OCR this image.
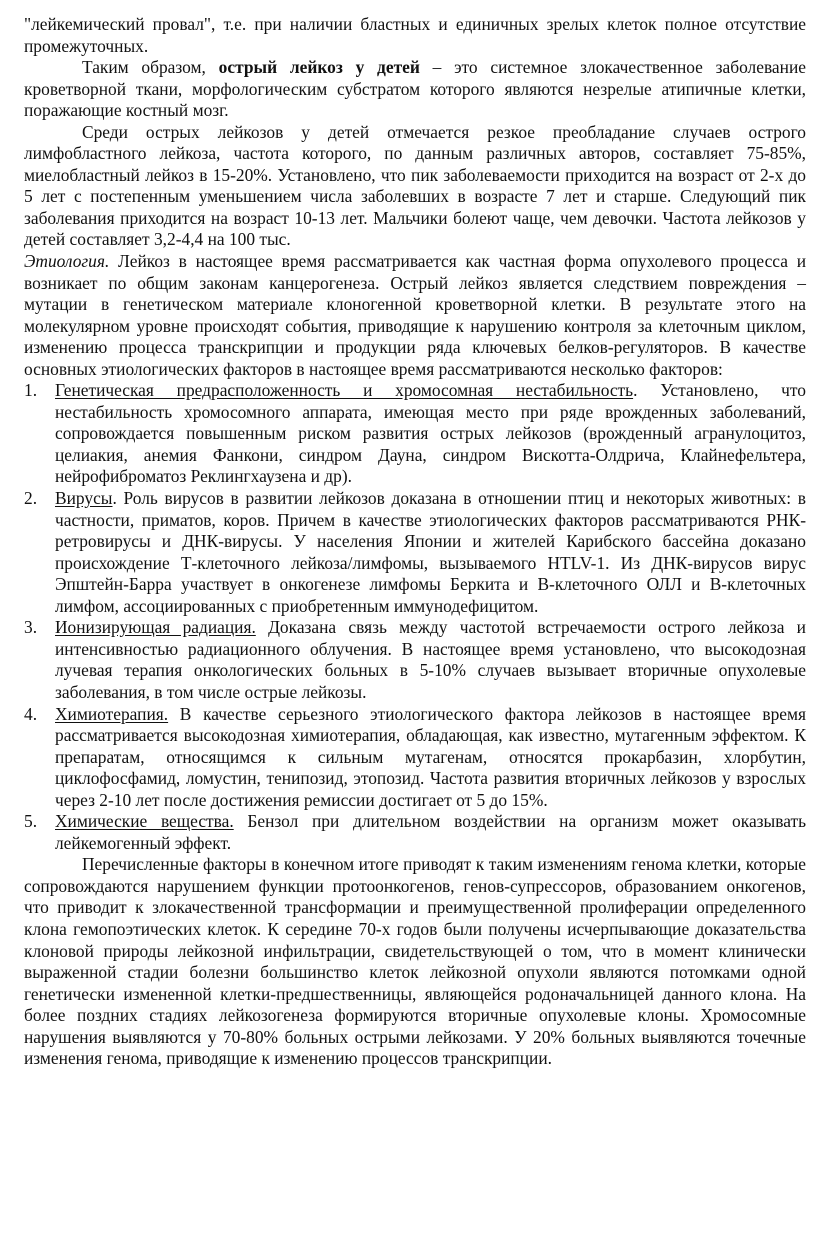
"лейкемический провал", т.е. при наличии бластных и единичных зрелых клеток полное отсутствие промежуточных.

Таким образом, острый лейкоз у детей – это системное злокачественное заболевание кроветворной ткани, морфологическим субстратом которого являются незрелые атипичные клетки, поражающие костный мозг.

Среди острых лейкозов у детей отмечается резкое преобладание случаев острого лимфобластного лейкоза, частота которого, по данным различных авторов, составляет 75-85%, миелобластный лейкоз в 15-20%. Установлено, что пик заболеваемости приходится на возраст от 2-х до 5 лет с постепенным уменьшением числа заболевших в возрасте 7 лет и старше. Следующий пик заболевания приходится на возраст 10-13 лет. Мальчики болеют чаще, чем девочки. Частота лейкозов у детей составляет 3,2-4,4 на 100 тыс.

Этиология. Лейкоз в настоящее время рассматривается как частная форма опухолевого процесса и возникает по общим законам канцерогенеза. Острый лейкоз является следствием повреждения – мутации в генетическом материале клоногенной кроветворной клетки. В результате этого на молекулярном уровне происходят события, приводящие к нарушению контроля за клеточным циклом, изменению процесса транскрипции и продукции ряда ключевых белков-регуляторов. В качестве основных этиологических факторов в настоящее время рассматриваются несколько факторов:

1. Генетическая предрасположенность и хромосомная нестабильность. Установлено, что нестабильность хромосомного аппарата, имеющая место при ряде врожденных заболеваний, сопровождается повышенным риском развития острых лейкозов (врожденный агранулоцитоз, целиакия, анемия Фанкони, синдром Дауна, синдром Вискотта-Олдрича, Клайнефельтера, нейрофиброматоз Реклингхаузена и др).
2. Вирусы. Роль вирусов в развитии лейкозов доказана в отношении птиц и некоторых животных: в частности, приматов, коров. Причем в качестве этиологических факторов рассматриваются РНК-ретровирусы и ДНК-вирусы. У населения Японии и жителей Карибского бассейна доказано происхождение Т-клеточного лейкоза/лимфомы, вызываемого HTLV-1. Из ДНК-вирусов вирус Эпштейн-Барра участвует в онкогенезе лимфомы Беркита и В-клеточного ОЛЛ и В-клеточных лимфом, ассоциированных с приобретенным иммунодефицитом.
3. Ионизирующая радиация. Доказана связь между частотой встречаемости острого лейкоза и интенсивностью радиационного облучения. В настоящее время установлено, что высокодозная лучевая терапия онкологических больных в 5-10% случаев вызывает вторичные опухолевые заболевания, в том числе острые лейкозы.
4. Химиотерапия. В качестве серьезного этиологического фактора лейкозов в настоящее время рассматривается высокодозная химиотерапия, обладающая, как известно, мутагенным эффектом. К препаратам, относящимся к сильным мутагенам, относятся прокарбазин, хлорбутин, циклофосфамид, ломустин, тенипозид, этопозид. Частота развития вторичных лейкозов у взрослых через 2-10 лет после достижения ремиссии достигает от 5 до 15%.
5. Химические вещества. Бензол при длительном воздействии на организм может оказывать лейкемогенный эффект.

Перечисленные факторы в конечном итоге приводят к таким изменениям генома клетки, которые сопровождаются нарушением функции протоонкогенов, генов-супрессоров, образованием онкогенов, что приводит к злокачественной трансформации и преимущественной пролиферации определенного клона гемопоэтических клеток. К середине 70-х годов были получены исчерпывающие доказательства клоновой природы лейкозной инфильтрации, свидетельствующей о том, что в момент клинически выраженной стадии болезни большинство клеток лейкозной опухоли являются потомками одной генетически измененной клетки-предшественницы, являющейся родоначальницей данного клона. На более поздних стадиях лейкозогенеза формируются вторичные опухолевые клоны. Хромосомные нарушения выявляются у 70-80% больных острыми лейкозами. У 20% больных выявляются точечные изменения генома, приводящие к изменению процессов транскрипции.
